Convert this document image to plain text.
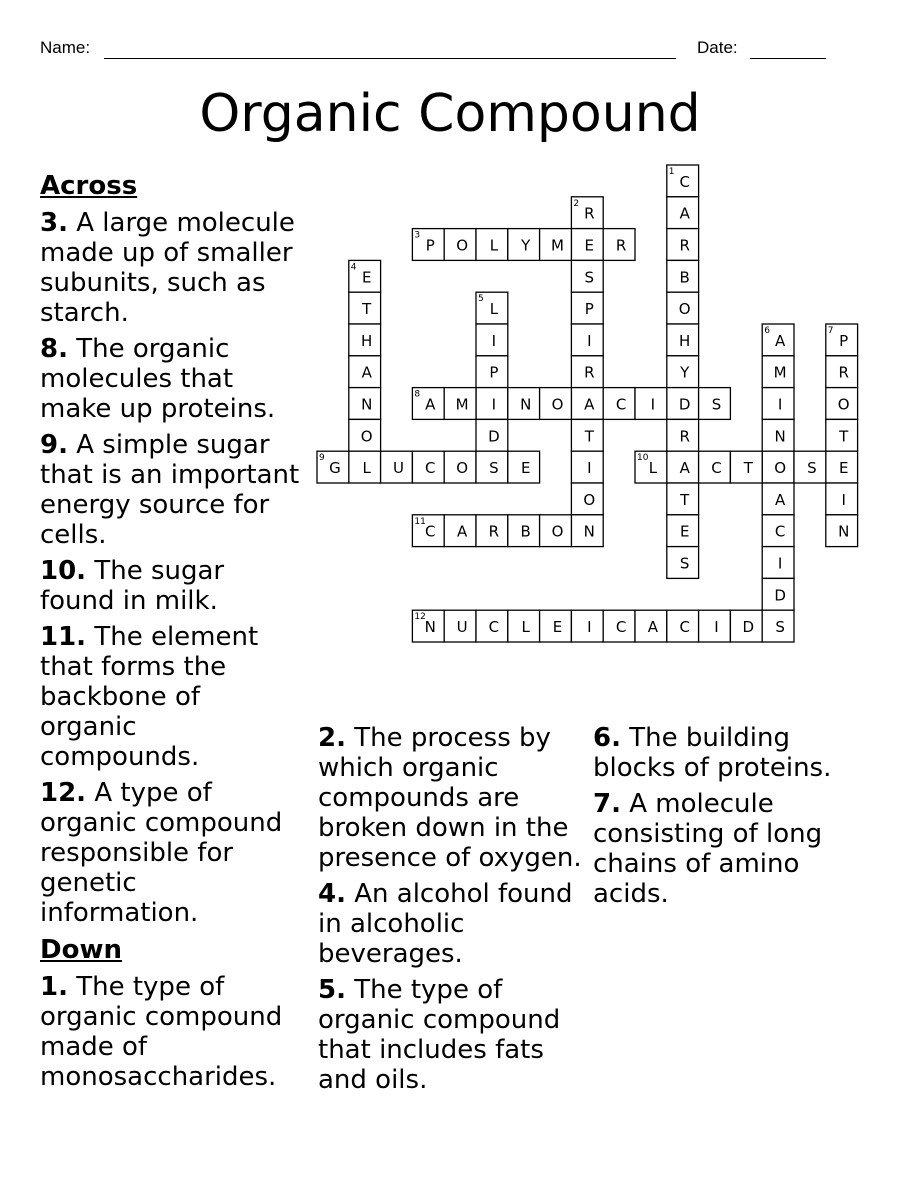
Name:	Date:
Organic Compound
C
1
A
R
B
O
H
Y
D
R
A
T
E
S
R
2
E
S
P
I
R
A
T
I
O
N
P
3
O L Y M	R
E
4
T
H
A
N
O
L
L
5
I
P
I
D
A
6
M
I
N
O
A
C
I
D
P
7
R
O
T
E
I
N
A
8
M	N O	C I	S
G
9
U C O S E	L
10
C T	S
C
11
A R B O
N
12
U C L E I C A C I D S
Across
3. A large molecule made up of smaller subunits, such as starch.
8. The organic molecules that make up proteins.
9. A simple sugar that is an important energy source for cells.
10. The sugar found in milk.
11. The element that forms the backbone of organic compounds.
12. A type of organic compound responsible for genetic information.
Down
1. The type of organic compound made of monosaccharides.
2. The process by which organic compounds are broken down in the presence of oxygen.
4. An alcohol found in alcoholic beverages.
5. The type of organic compound that includes fats and oils.
6. The building blocks of proteins.
7. A molecule consisting of long chains of amino acids.
